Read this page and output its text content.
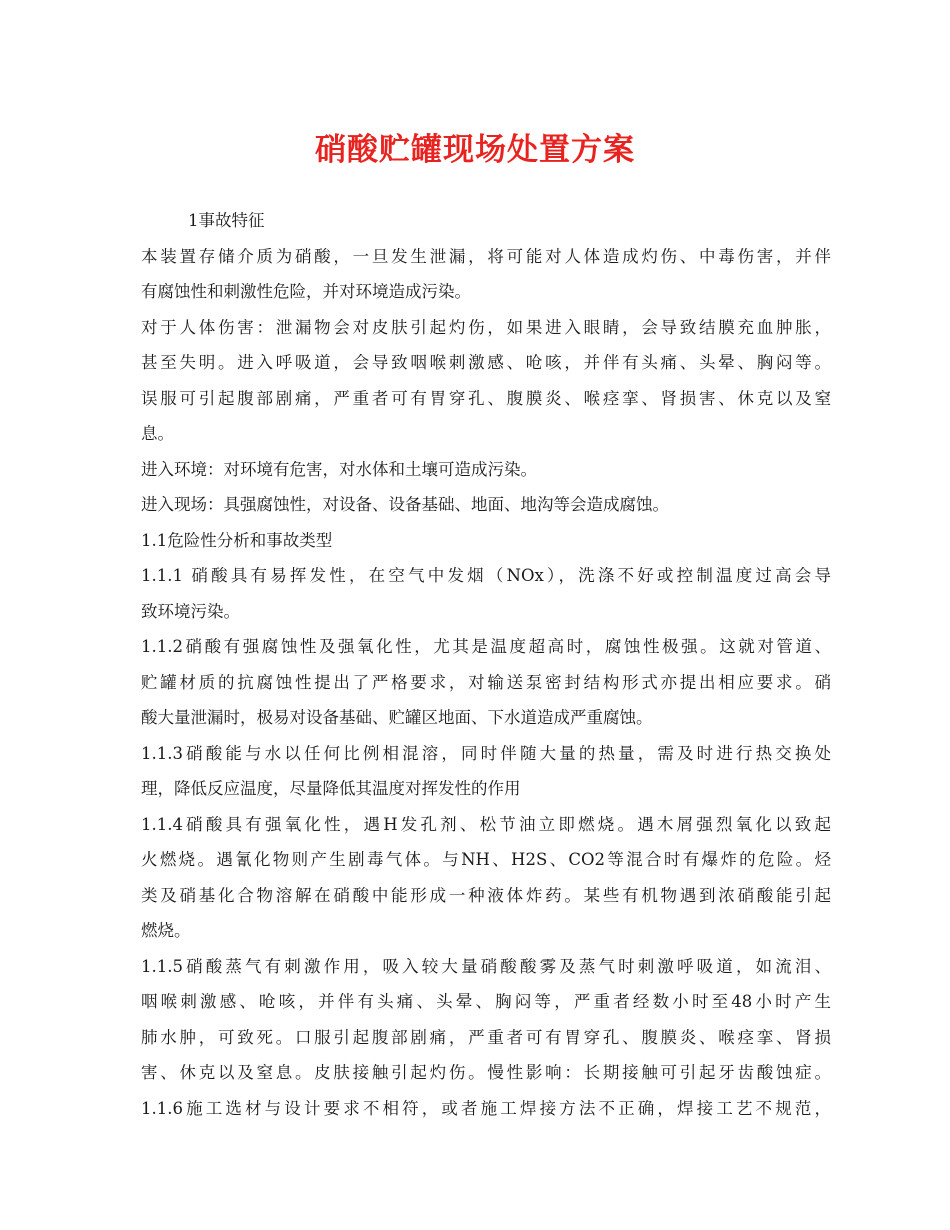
硝酸贮罐现场处置方案
1事故特征
本装置存储介质为硝酸，一旦发生泄漏，将可能对人体造成灼伤、中毒伤害，并伴
有腐蚀性和刺激性危险，并对环境造成污染。
对于人体伤害：泄漏物会对皮肤引起灼伤，如果进入眼睛，会导致结膜充血肿胀，
甚至失明。进入呼吸道，会导致咽喉刺激感、呛咳，并伴有头痛、头晕、胸闷等。
误服可引起腹部剧痛，严重者可有胃穿孔、腹膜炎、喉痉挛、肾损害、休克以及窒
息。
进入环境：对环境有危害，对水体和土壤可造成污染。
进入现场：具强腐蚀性，对设备、设备基础、地面、地沟等会造成腐蚀。
1.1危险性分析和事故类型
1.1.1 硝酸具有易挥发性，在空气中发烟（NOx），洗涤不好或控制温度过高会导
致环境污染。
1.1.2硝酸有强腐蚀性及强氧化性，尤其是温度超高时，腐蚀性极强。这就对管道、
贮罐材质的抗腐蚀性提出了严格要求，对输送泵密封结构形式亦提出相应要求。硝
酸大量泄漏时，极易对设备基础、贮罐区地面、下水道造成严重腐蚀。
1.1.3硝酸能与水以任何比例相混溶，同时伴随大量的热量，需及时进行热交换处
理，降低反应温度，尽量降低其温度对挥发性的作用
1.1.4硝酸具有强氧化性，遇H发孔剂、松节油立即燃烧。遇木屑强烈氧化以致起
火燃烧。遇氰化物则产生剧毒气体。与NH、H2S、CO2等混合时有爆炸的危险。烃
类及硝基化合物溶解在硝酸中能形成一种液体炸药。某些有机物遇到浓硝酸能引起
燃烧。
1.1.5硝酸蒸气有刺激作用，吸入较大量硝酸酸雾及蒸气时刺激呼吸道，如流泪、
咽喉刺激感、呛咳，并伴有头痛、头晕、胸闷等，严重者经数小时至48小时产生
肺水肿，可致死。口服引起腹部剧痛，严重者可有胃穿孔、腹膜炎、喉痉挛、肾损
害、休克以及窒息。皮肤接触引起灼伤。慢性影响：长期接触可引起牙齿酸蚀症。
1.1.6施工选材与设计要求不相符，或者施工焊接方法不正确，焊接工艺不规范，
